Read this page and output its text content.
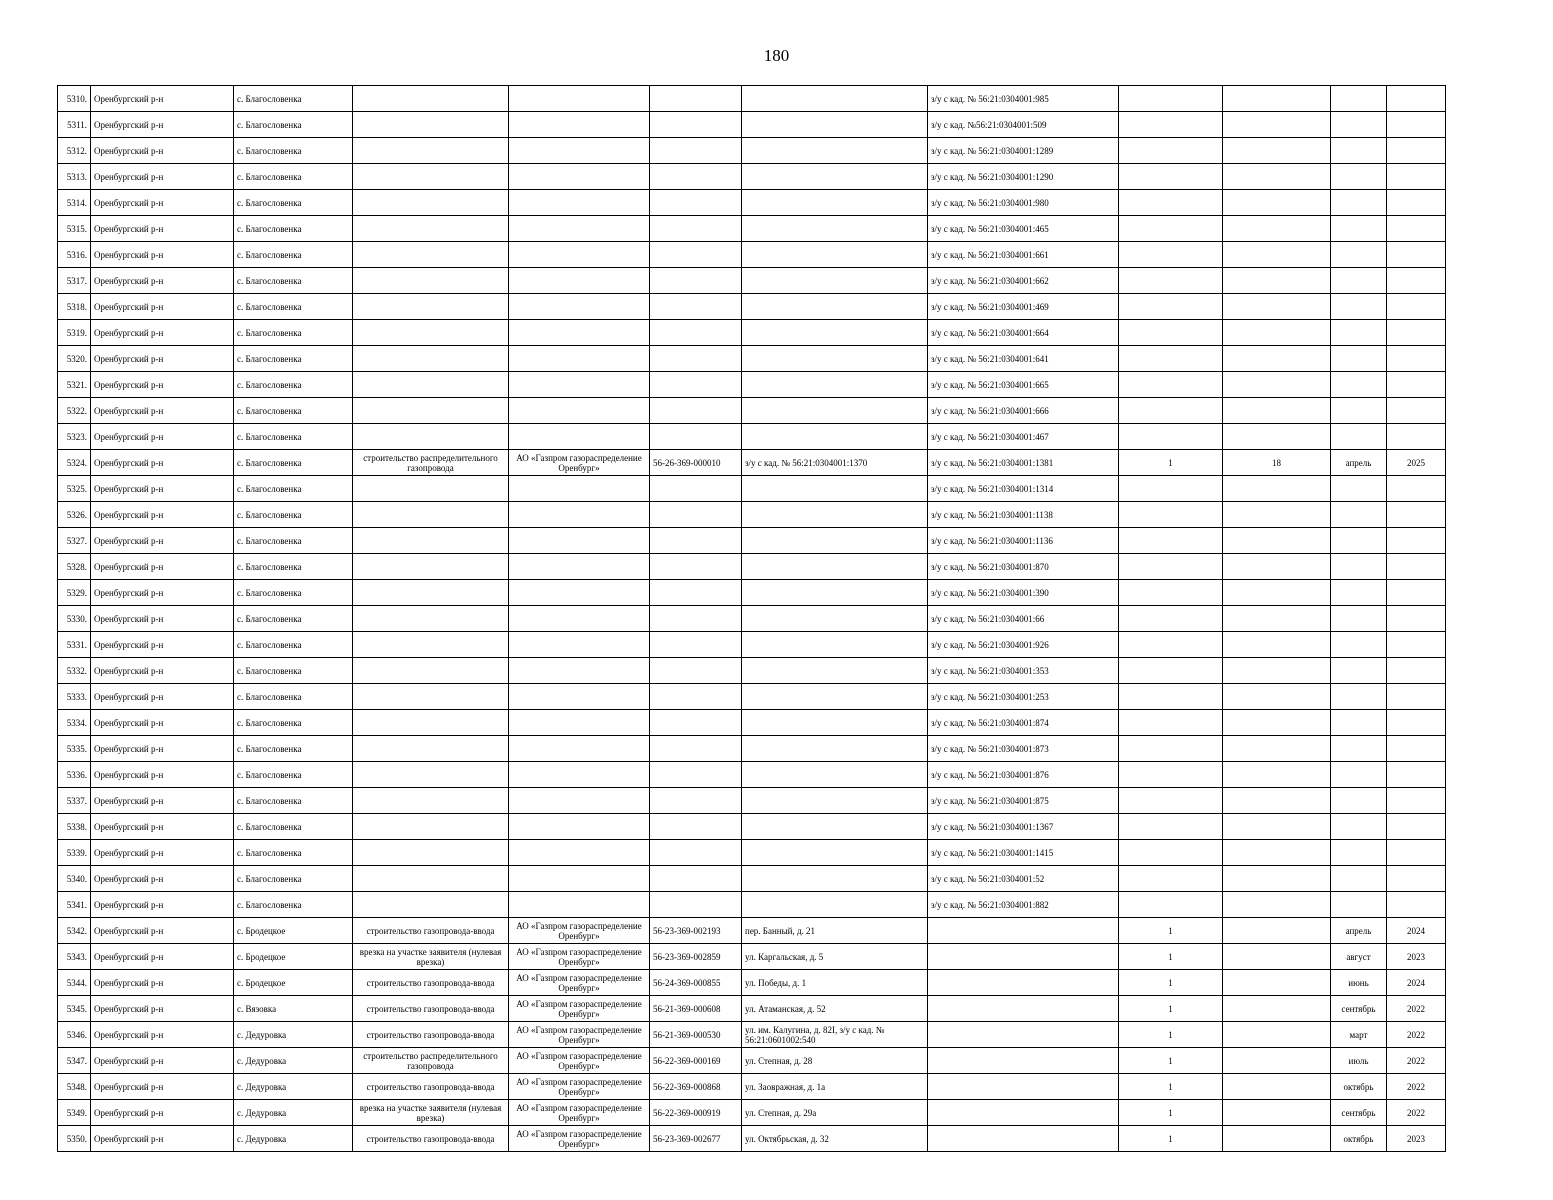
180
5310.	Оренбургский р-н	с. Благословенка					з/у с кад. № 56:21:0304001:985				
5311.	Оренбургский р-н	с. Благословенка					з/у с кад. №56:21:0304001:509				
5312.	Оренбургский р-н	с. Благословенка					з/у с кад. № 56:21:0304001:1289				
5313.	Оренбургский р-н	с. Благословенка					з/у с кад. № 56:21:0304001:1290				
5314.	Оренбургский р-н	с. Благословенка					з/у с кад. № 56:21:0304001:980				
5315.	Оренбургский р-н	с. Благословенка					з/у с кад. № 56:21:0304001:465				
5316.	Оренбургский р-н	с. Благословенка					з/у с кад. № 56:21:0304001:661				
5317.	Оренбургский р-н	с. Благословенка					з/у с кад. № 56:21:0304001:662				
5318.	Оренбургский р-н	с. Благословенка					з/у с кад. № 56:21:0304001:469				
5319.	Оренбургский р-н	с. Благословенка					з/у с кад. № 56:21:0304001:664				
5320.	Оренбургский р-н	с. Благословенка					з/у с кад. № 56:21:0304001:641				
5321.	Оренбургский р-н	с. Благословенка					з/у с кад. № 56:21:0304001:665				
5322.	Оренбургский р-н	с. Благословенка					з/у с кад. № 56:21:0304001:666				
5323.	Оренбургский р-н	с. Благословенка					з/у с кад. № 56:21:0304001:467				
5324.	Оренбургский р-н	с. Благословенка	строительство распределительного газопровода	АО «Газпром газораспределение Оренбург»	56-26-369-000010	з/у с кад. № 56:21:0304001:1370	з/у с кад. № 56:21:0304001:1381	1	18	апрель	2025
5325.	Оренбургский р-н	с. Благословенка					з/у с кад. № 56:21:0304001:1314				
5326.	Оренбургский р-н	с. Благословенка					з/у с кад. № 56:21:0304001:1138				
5327.	Оренбургский р-н	с. Благословенка					з/у с кад. № 56:21:0304001:1136				
5328.	Оренбургский р-н	с. Благословенка					з/у с кад. № 56:21:0304001:870				
5329.	Оренбургский р-н	с. Благословенка					з/у с кад. № 56:21:0304001:390				
5330.	Оренбургский р-н	с. Благословенка					з/у с кад. № 56:21:0304001:66				
5331.	Оренбургский р-н	с. Благословенка					з/у с кад. № 56:21:0304001:926				
5332.	Оренбургский р-н	с. Благословенка					з/у с кад. № 56:21:0304001:353				
5333.	Оренбургский р-н	с. Благословенка					з/у с кад. № 56:21:0304001:253				
5334.	Оренбургский р-н	с. Благословенка					з/у с кад. № 56:21:0304001:874				
5335.	Оренбургский р-н	с. Благословенка					з/у с кад. № 56:21:0304001:873				
5336.	Оренбургский р-н	с. Благословенка					з/у с кад. № 56:21:0304001:876				
5337.	Оренбургский р-н	с. Благословенка					з/у с кад. № 56:21:0304001:875				
5338.	Оренбургский р-н	с. Благословенка					з/у с кад. № 56:21:0304001:1367				
5339.	Оренбургский р-н	с. Благословенка					з/у с кад. № 56:21:0304001:1415				
5340.	Оренбургский р-н	с. Благословенка					з/у с кад. № 56:21:0304001:52				
5341.	Оренбургский р-н	с. Благословенка					з/у с кад. № 56:21:0304001:882				
5342.	Оренбургский р-н	с. Бродецкое	строительство газопровода-ввода	АО «Газпром газораспределение Оренбург»	56-23-369-002193	пер. Банный, д. 21		1		апрель	2024
5343.	Оренбургский р-н	с. Бродецкое	врезка на участке заявителя (нулевая врезка)	АО «Газпром газораспределение Оренбург»	56-23-369-002859	ул. Каргальская, д. 5		1		август	2023
5344.	Оренбургский р-н	с. Бродецкое	строительство газопровода-ввода	АО «Газпром газораспределение Оренбург»	56-24-369-000855	ул. Победы, д. 1		1		июнь	2024
5345.	Оренбургский р-н	с. Вязовка	строительство газопровода-ввода	АО «Газпром газораспределение Оренбург»	56-21-369-000608	ул. Атаманская, д. 52		1		сентябрь	2022
5346.	Оренбургский р-н	с. Дедуровка	строительство газопровода-ввода	АО «Газпром газораспределение Оренбург»	56-21-369-000530	ул. им. Калугина, д. 82I, з/у с кад. № 56:21:0601002:540		1		март	2022
5347.	Оренбургский р-н	с. Дедуровка	строительство распределительного газопровода	АО «Газпром газораспределение Оренбург»	56-22-369-000169	ул. Степная, д. 28		1		июль	2022
5348.	Оренбургский р-н	с. Дедуровка	строительство газопровода-ввода	АО «Газпром газораспределение Оренбург»	56-22-369-000868	ул. Заовражная, д. 1а		1		октябрь	2022
5349.	Оренбургский р-н	с. Дедуровка	врезка на участке заявителя (нулевая врезка)	АО «Газпром газораспределение Оренбург»	56-22-369-000919	ул. Степная, д. 29а		1		сентябрь	2022
5350.	Оренбургский р-н	с. Дедуровка	строительство газопровода-ввода	АО «Газпром газораспределение Оренбург»	56-23-369-002677	ул. Октябрьская, д. 32		1		октябрь	2023
